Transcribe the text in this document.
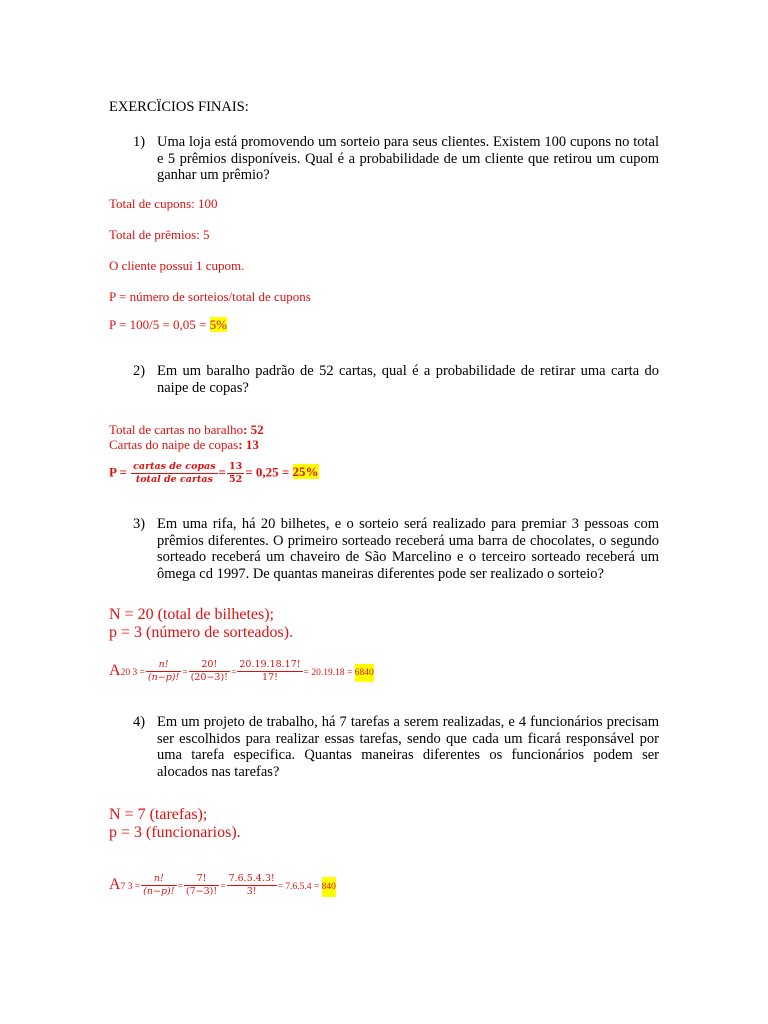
EXERCÏCIOS FINAIS:
1) Uma loja está promovendo um sorteio para seus clientes. Existem 100 cupons no total e 5 prêmios disponíveis. Qual é a probabilidade de um cliente que retirou um cupom ganhar um prêmio?
Total de cupons: 100
Total de prêmios: 5
O cliente possui 1 cupom.
P = número de sorteios/total de cupons
P = 100/5 = 0,05 = 5%
2) Em um baralho padrão de 52 cartas, qual é a probabilidade de retirar uma carta do naipe de copas?
Total de cartas no baralho: 52
Cartas do naipe de copas: 13
$P = \frac{\text{cartas de copas}}{\text{total de cartas}} = \frac{13}{52} = 0,25 = 25\%$
3) Em uma rifa, há 20 bilhetes, e o sorteio será realizado para premiar 3 pessoas com prêmios diferentes. O primeiro sorteado receberá uma barra de chocolates, o segundo sorteado receberá um chaveiro de São Marcelino e o terceiro sorteado receberá um ômega cd 1997. De quantas maneiras diferentes pode ser realizado o sorteio?
N = 20 (total de bilhetes);
p = 3 (número de sorteados).
A20 $3 = \frac{n!}{(n-p)!} = \frac{20!}{(20-3)!} = \frac{20.19.18.17!}{17!} = 20.19.18 = 6840$
4) Em um projeto de trabalho, há 7 tarefas a serem realizadas, e 4 funcionários precisam ser escolhidos para realizar essas tarefas, sendo que cada um ficará responsável por uma tarefa especifica. Quantas maneiras diferentes os funcionários podem ser alocados nas tarefas?
N = 7 (tarefas);
p = 3 (funcionarios).
A7 $3 = \frac{n!}{(n-p)!} = \frac{7!}{(7-3)!} = \frac{7.6.5.4.3!}{3!} = 7.6.5.4 = 840$
